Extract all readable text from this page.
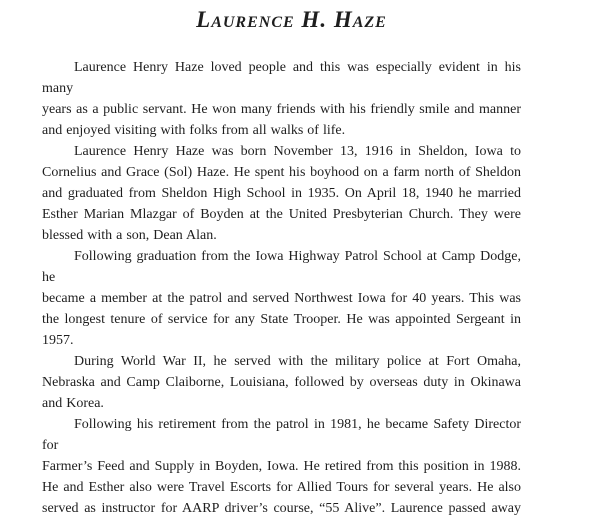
Laurence H. Haze

Laurence Henry Haze loved people and this was especially evident in his many
years as a public servant. He won many friends with his friendly smile and manner
and enjoyed visiting with folks from all walks of life.

Laurence Henry Haze was born November 13, 1916 in Sheldon, Iowa to
Cornelius and Grace (Sol) Haze. He spent his boyhood on a farm north of Sheldon
and graduated from Sheldon High School in 1935. On April 18, 1940 he married
Esther Marian Mlazgar of Boyden at the United Presbyterian Church. They were
blessed with a son, Dean Alan.

Following graduation from the Iowa Highway Patrol School at Camp Dodge, he
became a member at the patrol and served Northwest Iowa for 40 years. This was
the longest tenure of service for any State Trooper. He was appointed Sergeant in
1957.

During World War II, he served with the military police at Fort Omaha,
Nebraska and Camp Claiborne, Louisiana, followed by overseas duty in Okinawa
and Korea.

Following his retirement from the patrol in 1981, he became Safety Director for
Farmer’s Feed and Supply in Boyden, Iowa. He retired from this position in 1988.
He and Esther also were Travel Escorts for Allied Tours for several years. He also
served as instructor for AARP driver’s course, “55 Alive”. Laurence passed away
